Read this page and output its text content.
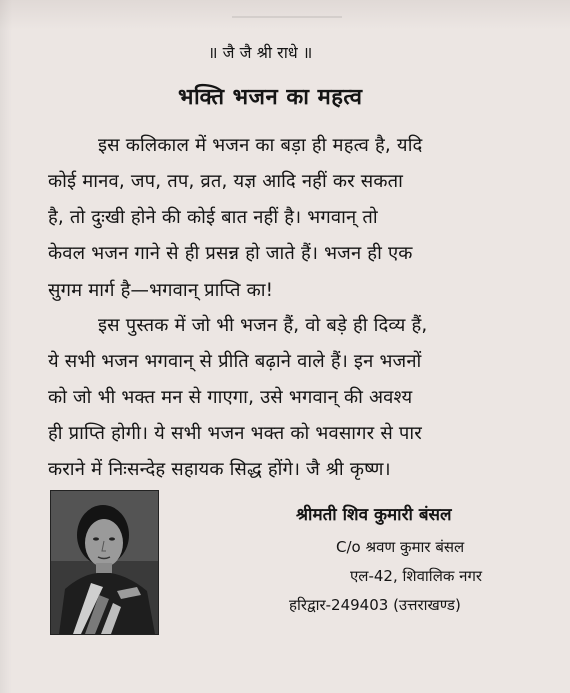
॥ जै जै श्री राधे ॥
भक्ति भजन का महत्व
इस कलिकाल में भजन का बड़ा ही महत्व है, यदि
कोई मानव, जप, तप, व्रत, यज्ञ आदि नहीं कर सकता
है, तो दुःखी होने की कोई बात नहीं है। भगवान् तो
केवल भजन गाने से ही प्रसन्न हो जाते हैं। भजन ही एक
सुगम मार्ग है—भगवान् प्राप्ति का!
इस पुस्तक में जो भी भजन हैं, वो बड़े ही दिव्य हैं,
ये सभी भजन भगवान् से प्रीति बढ़ाने वाले हैं। इन भजनों
को जो भी भक्त मन से गाएगा, उसे भगवान् की अवश्य
ही प्राप्ति होगी। ये सभी भजन भक्त को भवसागर से पार
कराने में निःसन्देह सहायक सिद्ध होंगे। जै श्री कृष्ण।
श्रीमती शिव कुमारी बंसल
C/o श्रवण कुमार बंसल
एल-42, शिवालिक नगर
हरिद्वार-249403 (उत्तराखण्ड)
